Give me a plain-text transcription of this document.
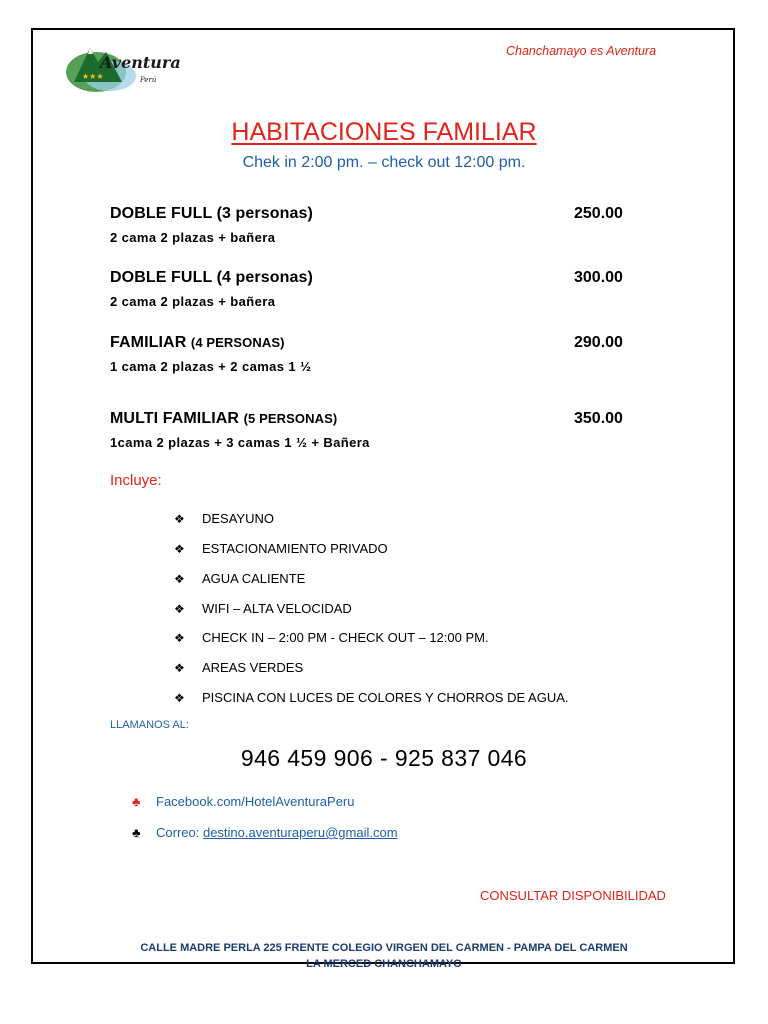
★★★
Aventura
Perú
Chanchamayo es Aventura
HABITACIONES FAMILIAR
Chek in 2:00 pm. – check out 12:00 pm.
DOBLE FULL (3 personas)	250.00
2 cama 2 plazas + bañera
DOBLE FULL (4 personas)	300.00
2 cama 2 plazas + bañera
FAMILIAR (4 PERSONAS)	290.00
1 cama 2 plazas + 2 camas 1 ½
MULTI FAMILIAR (5 PERSONAS)	350.00
1cama 2 plazas + 3 camas 1 ½ + Bañera
Incluye:
❖ DESAYUNO
❖ ESTACIONAMIENTO PRIVADO
❖ AGUA CALIENTE
❖ WIFI – ALTA VELOCIDAD
❖ CHECK IN – 2:00 PM - CHECK OUT – 12:00 PM.
❖ AREAS VERDES
❖ PISCINA CON LUCES DE COLORES Y CHORROS DE AGUA.
LLAMANOS AL:
946 459 906 - 925 837 046
♣ Facebook.com/HotelAventuraPeru
♣ Correo: destino.aventuraperu@gmail.com
CONSULTAR DISPONIBILIDAD
CALLE MADRE PERLA 225 FRENTE COLEGIO VIRGEN DEL CARMEN - PAMPA DEL CARMEN
LA MERCED CHANCHAMAYO
